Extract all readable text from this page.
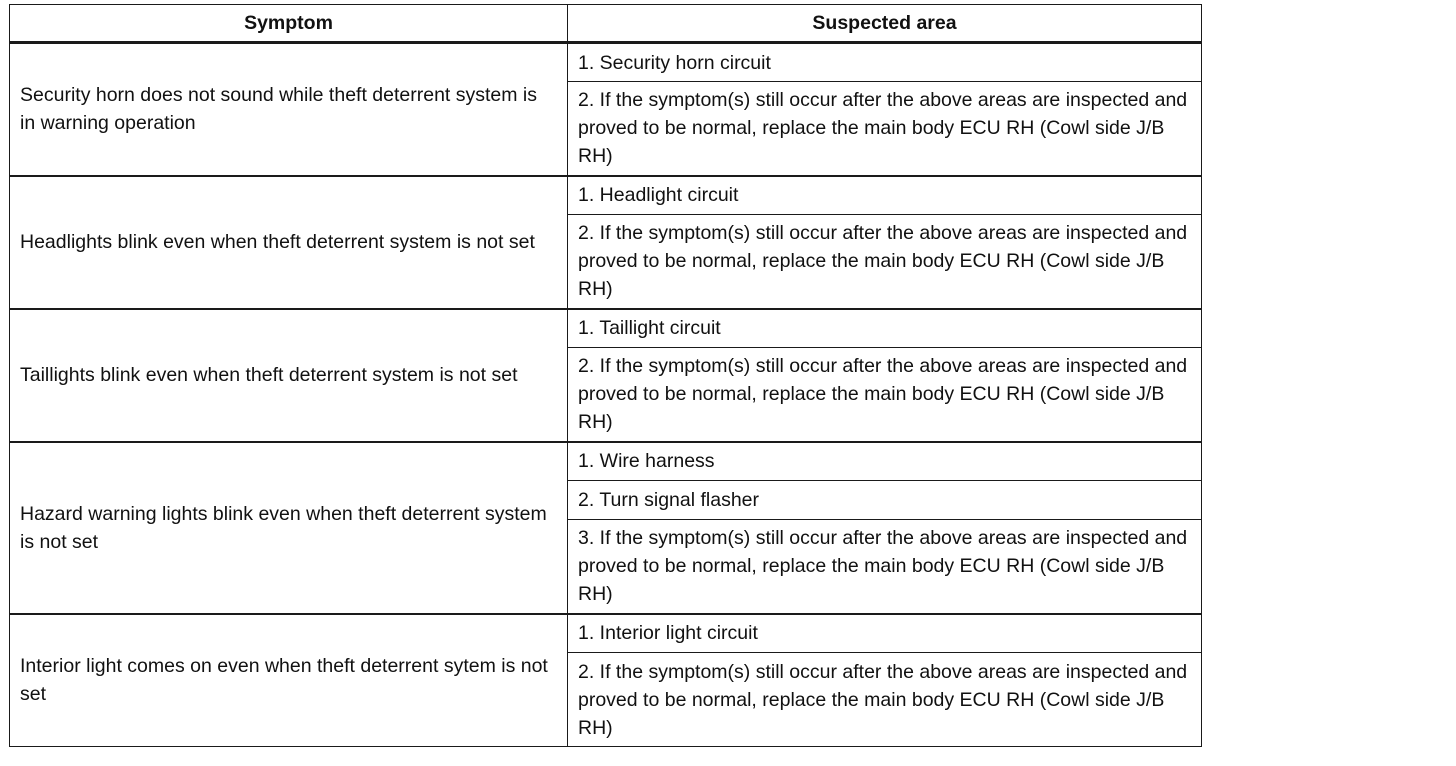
Symptom	Suspected area
Security horn does not sound while theft deterrent system is in warning operation	1. Security horn circuit
	2. If the symptom(s) still occur after the above areas are inspected and proved to be normal, replace the main body ECU RH (Cowl side J/B RH)
Headlights blink even when theft deterrent system is not set	1. Headlight circuit
	2. If the symptom(s) still occur after the above areas are inspected and proved to be normal, replace the main body ECU RH (Cowl side J/B RH)
Taillights blink even when theft deterrent system is not set	1. Taillight circuit
	2. If the symptom(s) still occur after the above areas are inspected and proved to be normal, replace the main body ECU RH (Cowl side J/B RH)
Hazard warning lights blink even when theft deterrent system is not set	1. Wire harness
	2. Turn signal flasher
	3. If the symptom(s) still occur after the above areas are inspected and proved to be normal, replace the main body ECU RH (Cowl side J/B RH)
Interior light comes on even when theft deterrent sytem is not set	1. Interior light circuit
	2. If the symptom(s) still occur after the above areas are inspected and proved to be normal, replace the main body ECU RH (Cowl side J/B RH)
